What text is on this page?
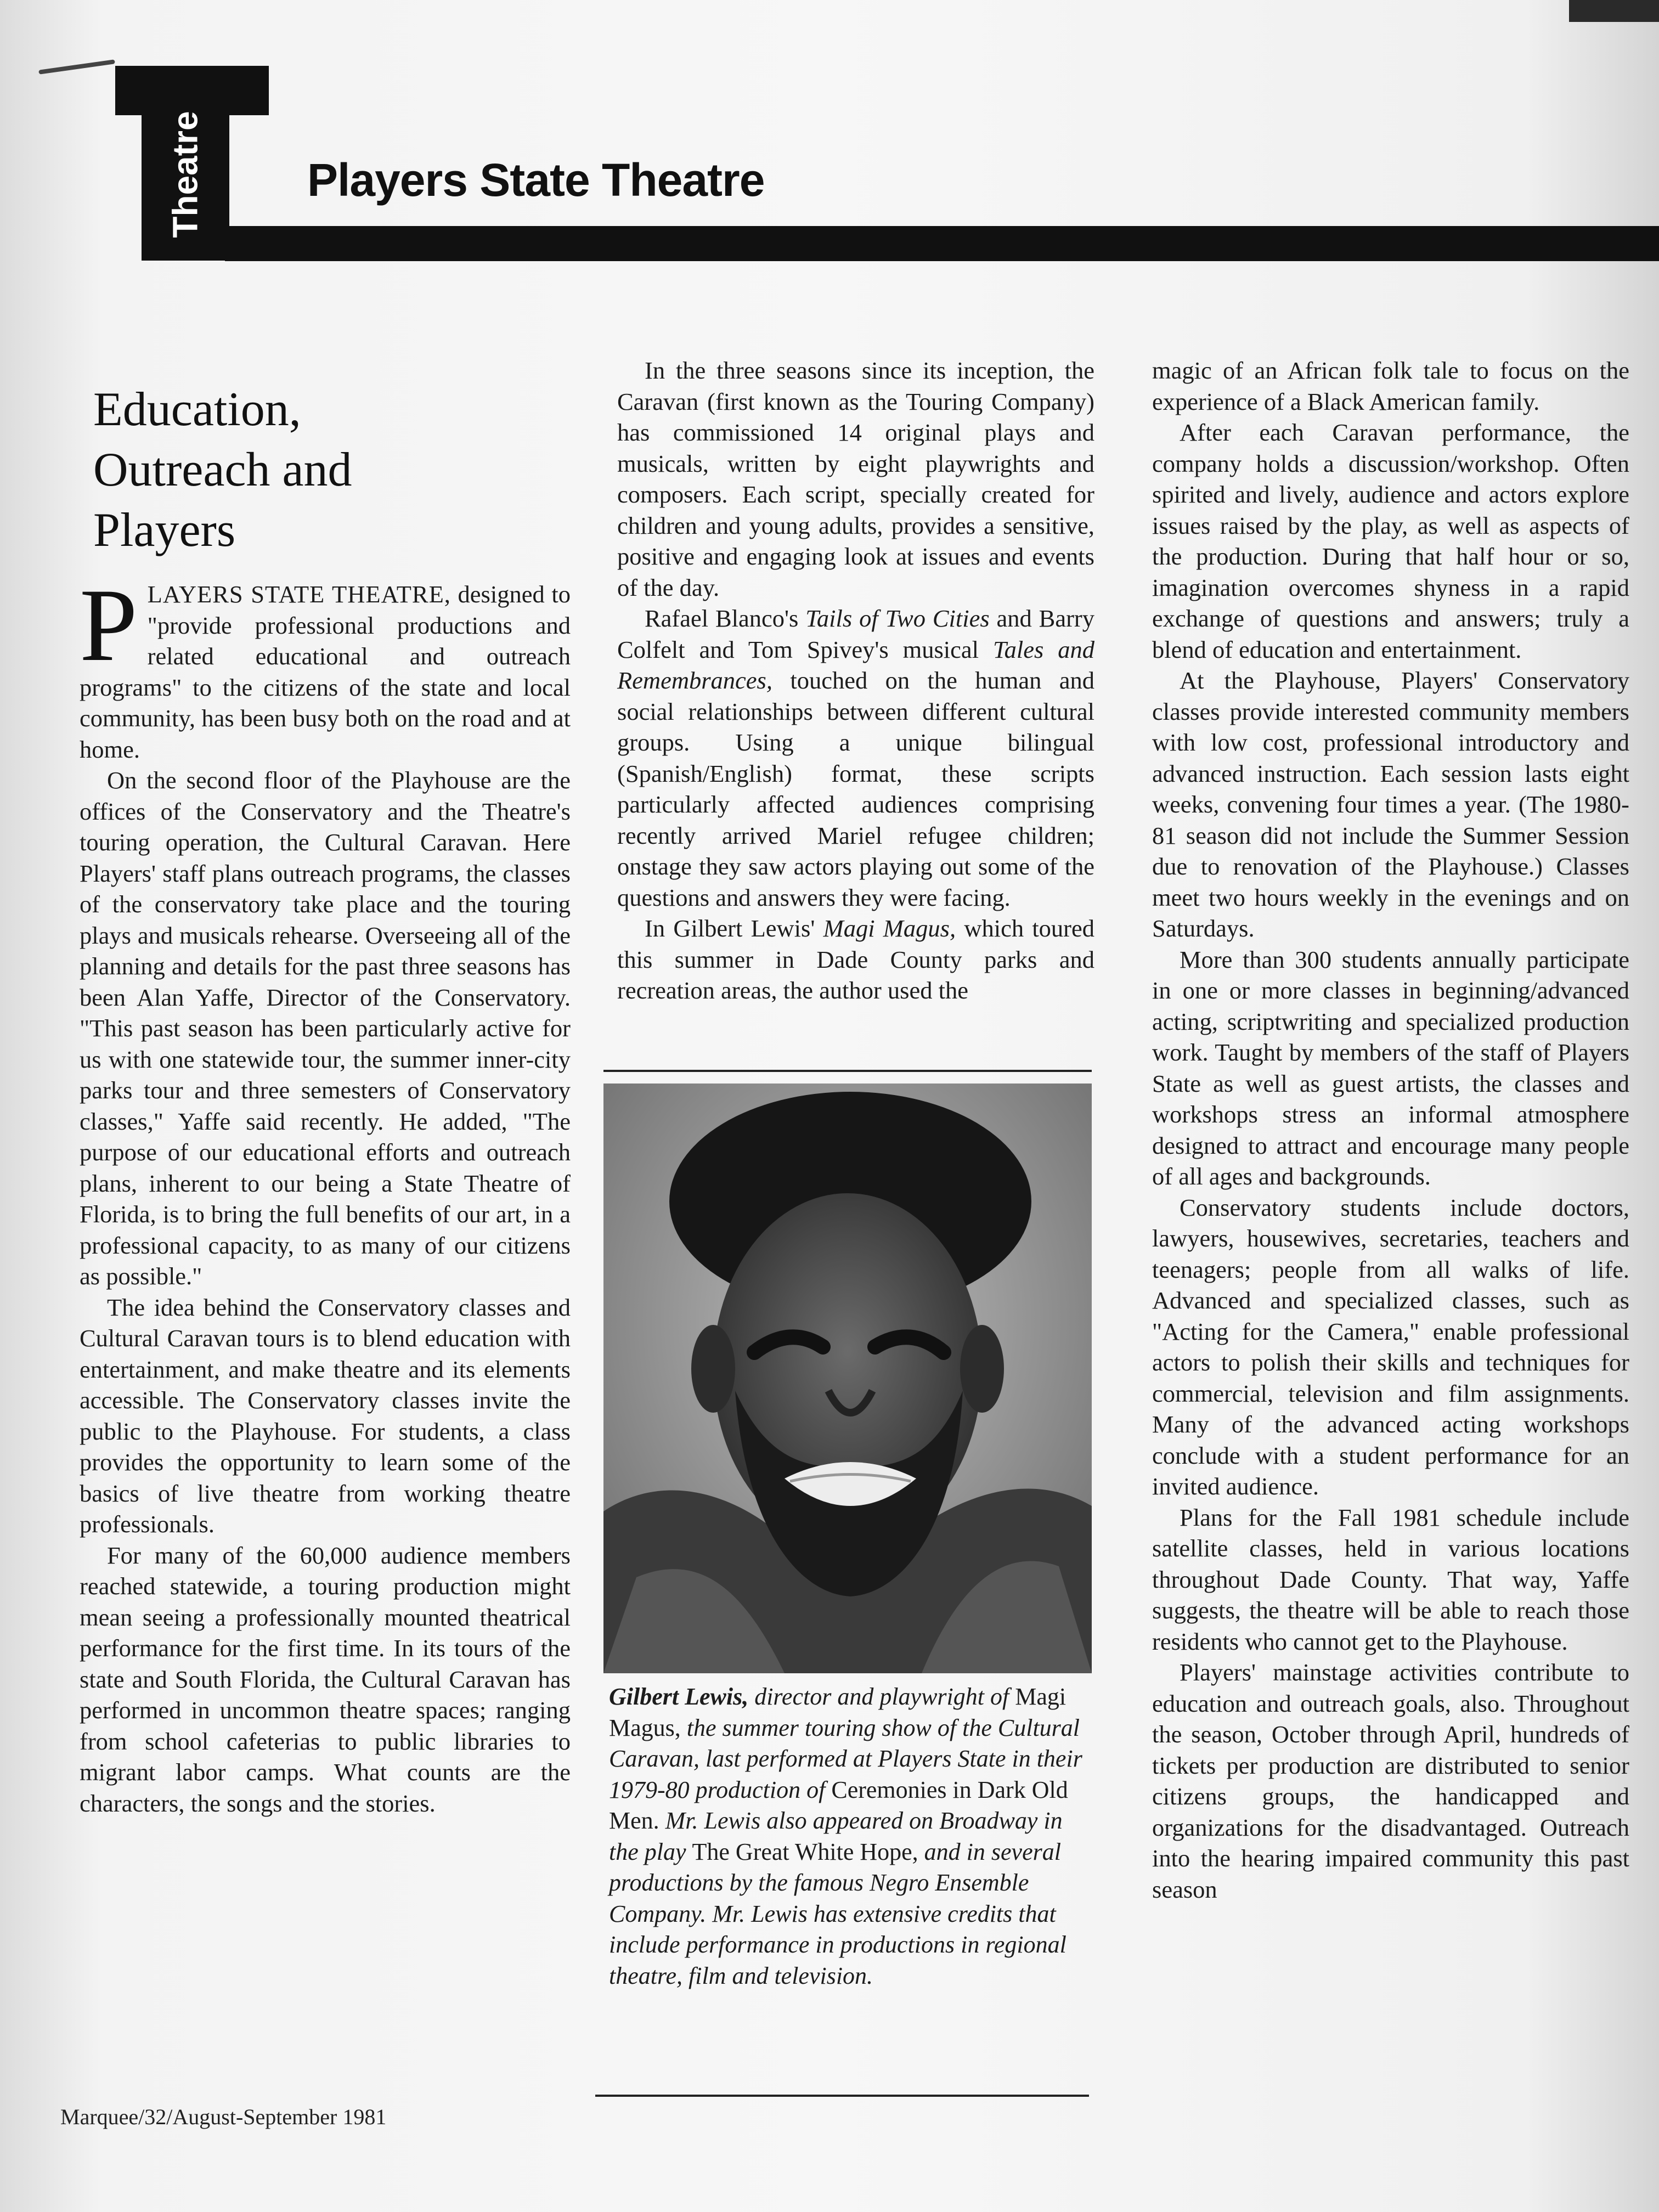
Theatre Players State Theatre
Education,
Outreach and
Players

PLAYERS STATE THEATRE, designed to "provide professional productions and related educational and outreach programs" to the citizens of the state and local community, has been busy both on the road and at home.

On the second floor of the Playhouse are the offices of the Conservatory and the Theatre's touring operation, the Cultural Caravan. Here Players' staff plans outreach programs, the classes of the conservatory take place and the touring plays and musicals rehearse. Overseeing all of the planning and details for the past three seasons has been Alan Yaffe, Director of the Conservatory. "This past season has been particularly active for us with one statewide tour, the summer inner-city parks tour and three semesters of Conservatory classes," Yaffe said recently. He added, "The purpose of our educational efforts and outreach plans, inherent to our being a State Theatre of Florida, is to bring the full benefits of our art, in a professional capacity, to as many of our citizens as possible."

The idea behind the Conservatory classes and Cultural Caravan tours is to blend education with entertainment, and make theatre and its elements accessible. The Conservatory classes invite the public to the Playhouse. For students, a class provides the opportunity to learn some of the basics of live theatre from working theatre professionals.

For many of the 60,000 audience members reached statewide, a touring production might mean seeing a professionally mounted theatrical performance for the first time. In its tours of the state and South Florida, the Cultural Caravan has performed in uncommon theatre spaces; ranging from school cafeterias to public libraries to migrant labor camps. What counts are the characters, the songs and the stories.

In the three seasons since its inception, the Caravan (first known as the Touring Company) has commissioned 14 original plays and musicals, written by eight playwrights and composers. Each script, specially created for children and young adults, provides a sensitive, positive and engaging look at issues and events of the day.

Rafael Blanco's Tails of Two Cities and Barry Colfelt and Tom Spivey's musical Tales and Remembrances, touched on the human and social relationships between different cultural groups. Using a unique bilingual (Spanish/English) format, these scripts particularly affected audiences comprising recently arrived Mariel refugee children; onstage they saw actors playing out some of the questions and answers they were facing.

In Gilbert Lewis' Magi Magus, which toured this summer in Dade County parks and recreation areas, the author used the

Gilbert Lewis, director and playwright of Magi Magus, the summer touring show of the Cultural Caravan, last performed at Players State in their 1979-80 production of Ceremonies in Dark Old Men. Mr. Lewis also appeared on Broadway in the play The Great White Hope, and in several productions by the famous Negro Ensemble Company. Mr. Lewis has extensive credits that include performance in productions in regional theatre, film and television.

magic of an African folk tale to focus on the experience of a Black American family.

After each Caravan performance, the company holds a discussion/workshop. Often spirited and lively, audience and actors explore issues raised by the play, as well as aspects of the production. During that half hour or so, imagination overcomes shyness in a rapid exchange of questions and answers; truly a blend of education and entertainment.

At the Playhouse, Players' Conservatory classes provide interested community members with low cost, professional introductory and advanced instruction. Each session lasts eight weeks, convening four times a year. (The 1980-81 season did not include the Summer Session due to renovation of the Playhouse.) Classes meet two hours weekly in the evenings and on Saturdays.

More than 300 students annually participate in one or more classes in beginning/advanced acting, scriptwriting and specialized production work. Taught by members of the staff of Players State as well as guest artists, the classes and workshops stress an informal atmosphere designed to attract and encourage many people of all ages and backgrounds.

Conservatory students include doctors, lawyers, housewives, secretaries, teachers and teenagers; people from all walks of life. Advanced and specialized classes, such as "Acting for the Camera," enable professional actors to polish their skills and techniques for commercial, television and film assignments. Many of the advanced acting workshops conclude with a student performance for an invited audience.

Plans for the Fall 1981 schedule include satellite classes, held in various locations throughout Dade County. That way, Yaffe suggests, the theatre will be able to reach those residents who cannot get to the Playhouse.

Players' mainstage activities contribute to education and outreach goals, also. Throughout the season, October through April, hundreds of tickets per production are distributed to senior citizens groups, the handicapped and organizations for the disadvantaged. Outreach into the hearing impaired community this past season

Marquee/32/August-September 1981
